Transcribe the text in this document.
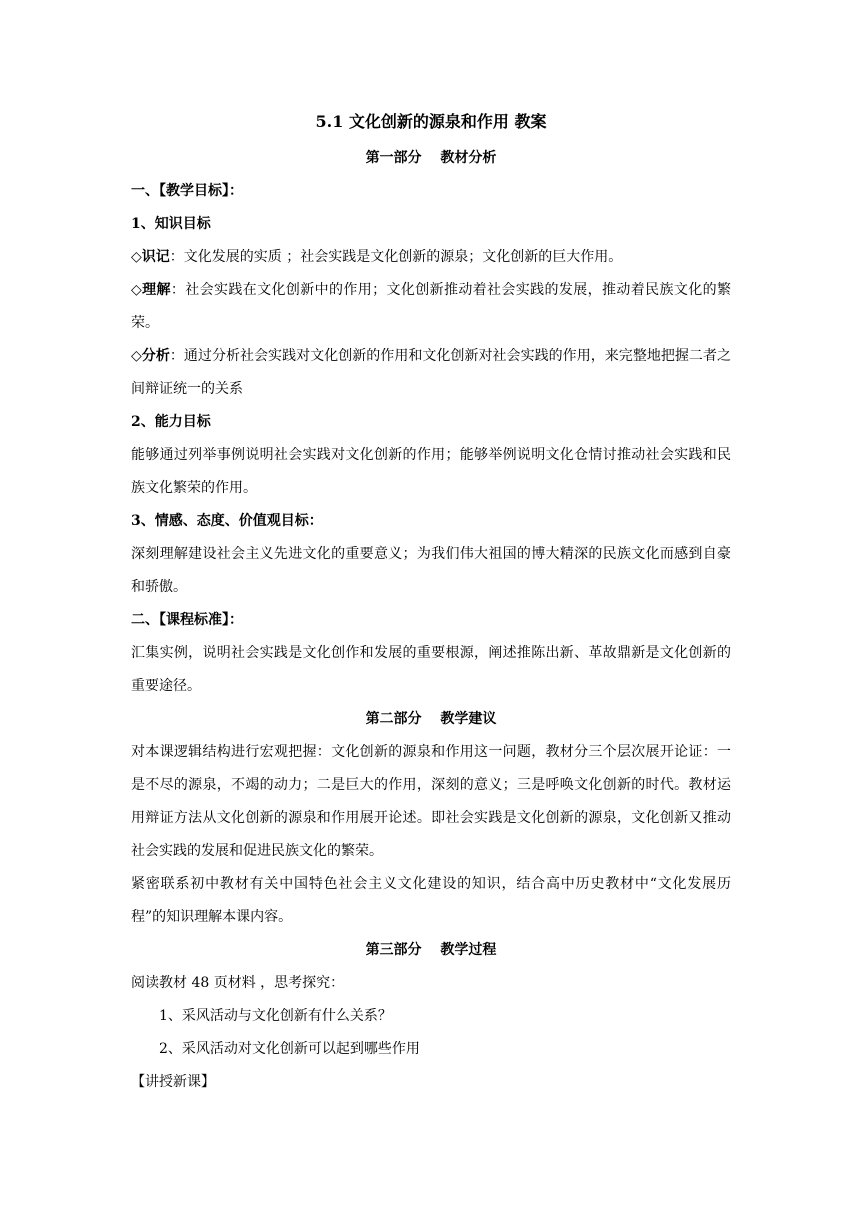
5.1 文化创新的源泉和作用 教案
第一部分　 教材分析
一、【教学目标】：
1、知识目标
◇识记：文化发展的实质 ；社会实践是文化创新的源泉；文化创新的巨大作用。
◇理解：社会实践在文化创新中的作用；文化创新推动着社会实践的发展，推动着民族文化的繁荣。
◇分析：通过分析社会实践对文化创新的作用和文化创新对社会实践的作用，来完整地把握二者之间辩证统一的关系
2、能力目标
能够通过列举事例说明社会实践对文化创新的作用；能够举例说明文化仓情讨推动社会实践和民族文化繁荣的作用。
3、情感、态度、价值观目标：
深刻理解建设社会主义先进文化的重要意义；为我们伟大祖国的博大精深的民族文化而感到自豪和骄傲。
二、【课程标准】：
汇集实例，说明社会实践是文化创作和发展的重要根源，阐述推陈出新、革故鼎新是文化创新的重要途径。
第二部分　 教学建议
对本课逻辑结构进行宏观把握：文化创新的源泉和作用这一问题，教材分三个层次展开论证：一是不尽的源泉，不竭的动力；二是巨大的作用，深刻的意义；三是呼唤文化创新的时代。教材运用辩证方法从文化创新的源泉和作用展开论述。即社会实践是文化创新的源泉，文化创新又推动社会实践的发展和促进民族文化的繁荣。
紧密联系初中教材有关中国特色社会主义文化建设的知识，结合高中历史教材中“文化发展历程”的知识理解本课内容。
第三部分　 教学过程
阅读教材 48 页材料 ，思考探究：
1、采风活动与文化创新有什么关系？
2、采风活动对文化创新可以起到哪些作用
【讲授新课】
